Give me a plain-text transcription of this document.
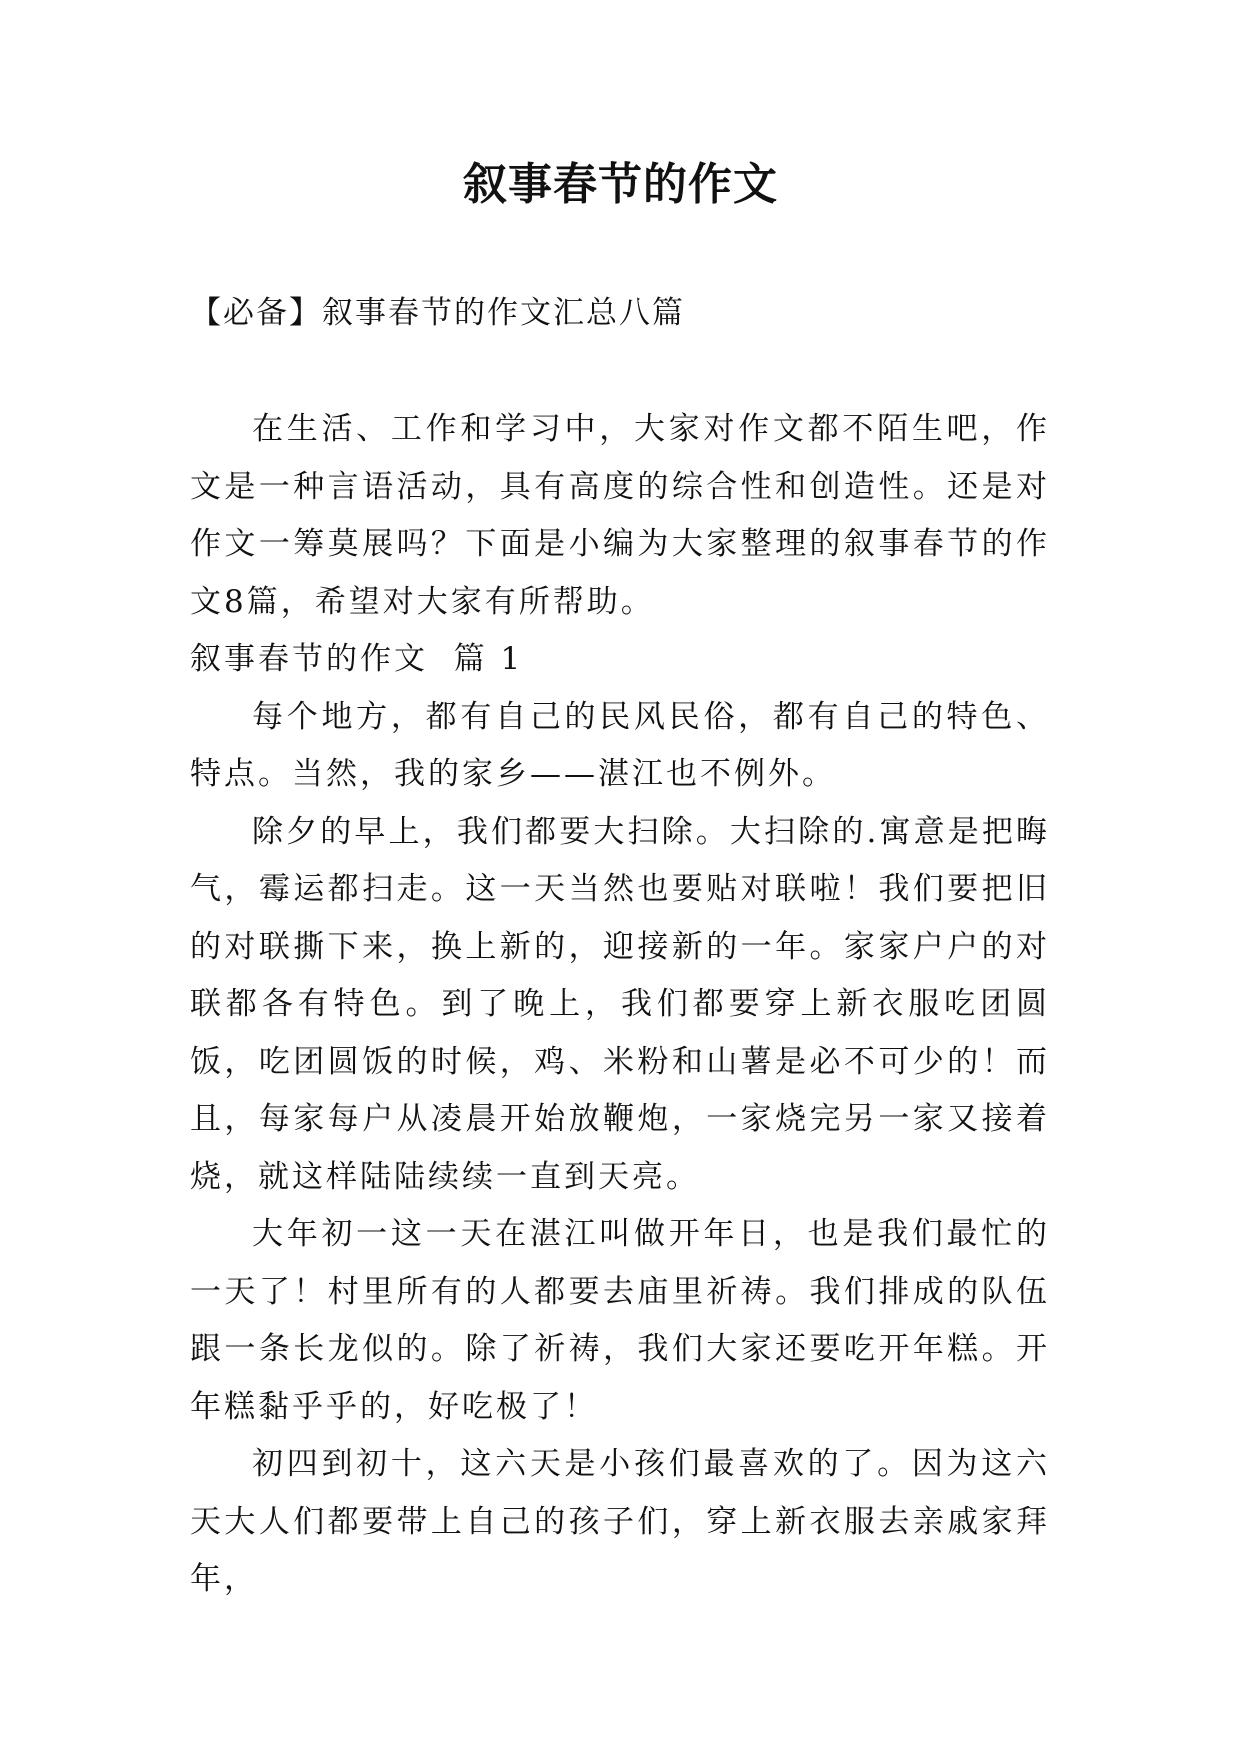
叙事春节的作文
【必备】叙事春节的作文汇总八篇

在生活、工作和学习中，大家对作文都不陌生吧，作文是一种言语活动，具有高度的综合性和创造性。还是对作文一筹莫展吗？下面是小编为大家整理的叙事春节的作文8篇，希望对大家有所帮助。

叙事春节的作文  篇 1

每个地方，都有自己的民风民俗，都有自己的特色、特点。当然，我的家乡——湛江也不例外。

除夕的早上，我们都要大扫除。大扫除的.寓意是把晦气，霉运都扫走。这一天当然也要贴对联啦！我们要把旧的对联撕下来，换上新的，迎接新的一年。家家户户的对联都各有特色。到了晚上，我们都要穿上新衣服吃团圆饭，吃团圆饭的时候，鸡、米粉和山薯是必不可少的！而且，每家每户从凌晨开始放鞭炮，一家烧完另一家又接着烧，就这样陆陆续续一直到天亮。

大年初一这一天在湛江叫做开年日，也是我们最忙的一天了！村里所有的人都要去庙里祈祷。我们排成的队伍跟一条长龙似的。除了祈祷，我们大家还要吃开年糕。开年糕黏乎乎的，好吃极了！

初四到初十，这六天是小孩们最喜欢的了。因为这六天大人们都要带上自己的孩子们，穿上新衣服去亲戚家拜年，
